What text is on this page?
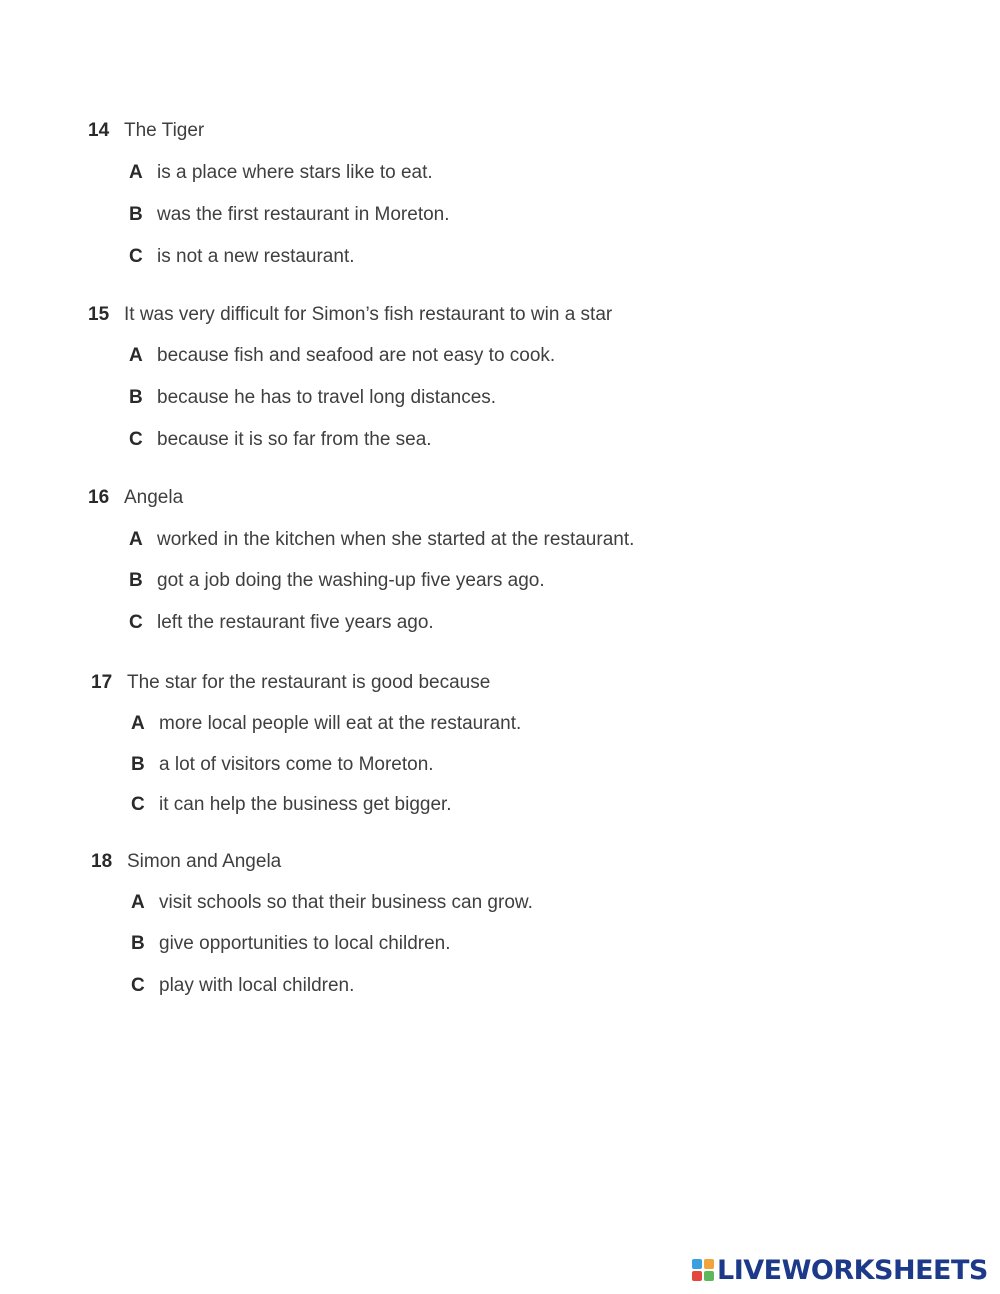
14 The Tiger
A is a place where stars like to eat.
B was the first restaurant in Moreton.
C is not a new restaurant.
15 It was very difficult for Simon’s fish restaurant to win a star
A because fish and seafood are not easy to cook.
B because he has to travel long distances.
C because it is so far from the sea.
16 Angela
A worked in the kitchen when she started at the restaurant.
B got a job doing the washing-up five years ago.
C left the restaurant five years ago.
17 The star for the restaurant is good because
A more local people will eat at the restaurant.
B a lot of visitors come to Moreton.
C it can help the business get bigger.
18 Simon and Angela
A visit schools so that their business can grow.
B give opportunities to local children.
C play with local children.
LIVEWORKSHEETS
